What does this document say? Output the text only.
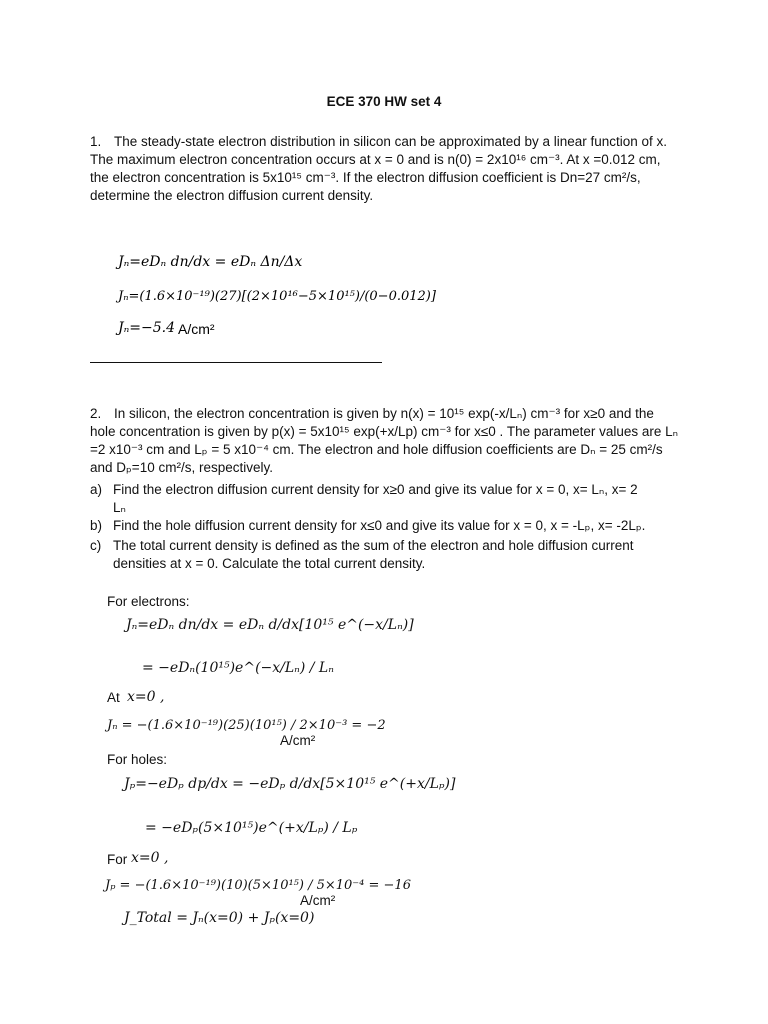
ECE 370 HW set 4
1. The steady-state electron distribution in silicon can be approximated by a linear function of x. The maximum electron concentration occurs at x = 0 and is n(0) = 2x10¹⁶ cm⁻³. At x =0.012 cm, the electron concentration is 5x10¹⁵ cm⁻³. If the electron diffusion coefficient is Dn=27 cm²/s, determine the electron diffusion current density.
Jₙ=eDₙ dn/dx = eDₙ Δn/Δx
Jₙ=(1.6×10⁻¹⁹)(27)[(2×10¹⁶−5×10¹⁵)/(0−0.012)]
Jₙ=−5.4 A/cm²
2. In silicon, the electron concentration is given by n(x) = 10¹⁵ exp(-x/Lₙ) cm⁻³ for x≥0 and the hole concentration is given by p(x) = 5x10¹⁵ exp(+x/Lp) cm⁻³ for x≤0 . The parameter values are Lₙ =2 x10⁻³ cm and Lₚ = 5 x10⁻⁴ cm. The electron and hole diffusion coefficients are Dₙ = 25 cm²/s and Dₚ=10 cm²/s, respectively.
a) Find the electron diffusion current density for x≥0 and give its value for x = 0, x= Lₙ, x= 2 Lₙ
b) Find the hole diffusion current density for x≤0 and give its value for x = 0, x = -Lₚ, x= -2Lₚ.
c) The total current density is defined as the sum of the electron and hole diffusion current densities at x = 0. Calculate the total current density.
For electrons:
Jₙ=eDₙ dn/dx = eDₙ d/dx[10¹⁵ e^(−x/Lₙ)]
= −eDₙ(10¹⁵)e^(−x/Lₙ) / Lₙ
At x=0 ,
Jₙ = −(1.6×10⁻¹⁹)(25)(10¹⁵) / 2×10⁻³ = −2
A/cm²
For holes:
Jₚ=−eDₚ dp/dx = −eDₚ d/dx[5×10¹⁵ e^(+x/Lₚ)]
= −eDₚ(5×10¹⁵)e^(+x/Lₚ) / Lₚ
For x=0 ,
Jₚ = −(1.6×10⁻¹⁹)(10)(5×10¹⁵) / 5×10⁻⁴ = −16
A/cm²
J_Total = Jₙ(x=0) + Jₚ(x=0)
